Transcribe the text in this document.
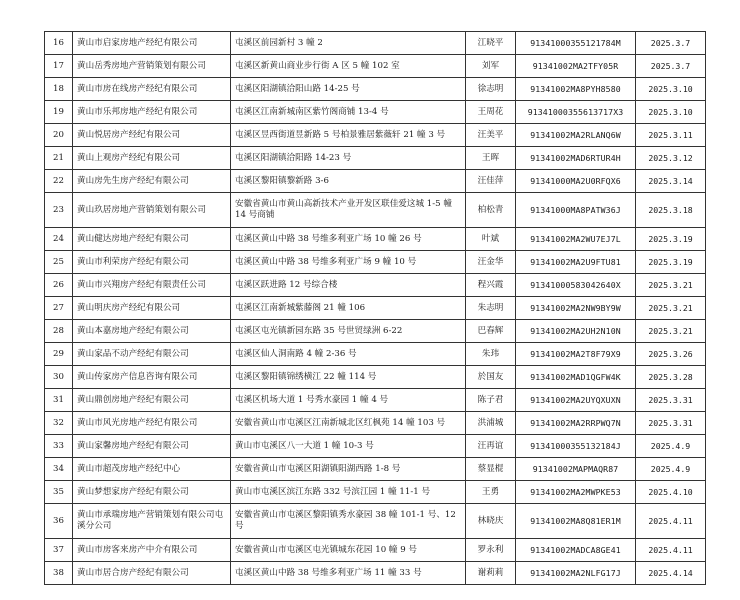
16	黄山市启家房地产经纪有限公司	屯溪区前园新村 3 幢 2	江晓平	91341000355121784M	2025.3.7
17	黄山岳秀房地产营销策划有限公司	屯溪区新黄山商业步行街 A 区 5 幢 102 室	刘军	91341002MA2TFY05R	2025.3.7
18	黄山市房在线房产经纪有限公司	屯溪区阳湖镇洽阳山路 14-25 号	徐志明	91341002MA8PYH8580	2025.3.10
19	黄山市乐邦房地产经纪有限公司	屯溪区江南新城南区紫竹阁商铺 13-4 号	王周花	91341000355613717X3	2025.3.10
20	黄山悦居房产经纪有限公司	屯溪区昱西街道昱新路 5 号柏景雅居紫薇轩 21 幢 3 号	汪美平	91341002MA2RLANQ6W	2025.3.11
21	黄山上观房产经纪有限公司	屯溪区阳湖镇洽阳路 14-23 号	王晖	91341002MAD6RTUR4H	2025.3.12
22	黄山房先生房产经纪有限公司	屯溪区黎阳镇黎新路 3-6	汪佳萍	91341000MA2U0RFQX6	2025.3.14
23	黄山玖居房地产营销策划有限公司	安徽省黄山市黄山高新技术产业开发区联佳爱这城 1-5 幢 14 号商铺	柏松青	91341000MA8PATW36J	2025.3.18
24	黄山健达房地产经纪有限公司	屯溪区黄山中路 38 号维多利亚广场 10 幢 26 号	叶斌	91341002MA2WU7EJ7L	2025.3.19
25	黄山市利荣房产经纪有限公司	屯溪区黄山中路 38 号维多利亚广场 9 幢 10 号	汪金华	91341002MA2U9FTU81	2025.3.19
26	黄山市兴翔房产经纪有限责任公司	屯溪区跃进路 12 号综合楼	程兴霞	91341000583042640X	2025.3.21
27	黄山明庆房产经纪有限公司	屯溪区江南新城紫藤阁 21 幢 106	朱志明	91341002MA2NW9BY9W	2025.3.21
28	黄山本嘉房地产经纪有限公司	屯溪区屯光镇新园东路 35 号世贸绿洲 6-22	巴春辉	91341002MA2UH2N10N	2025.3.21
29	黄山家品不动产经纪有限公司	屯溪区仙人洞南路 4 幢 2-36 号	朱玮	91341002MA2T8F79X9	2025.3.26
30	黄山传家房产信息咨询有限公司	屯溪区黎阳镇锦绣横江 22 幢 114 号	於国友	91341002MAD1QGFW4K	2025.3.28
31	黄山鼎创房地产经纪有限公司	屯溪区机场大道 1 号秀水豪园 1 幢 4 号	陈子君	91341002MA2UYQXUXN	2025.3.31
32	黄山市风光房地产经纪有限公司	安徽省黄山市屯溪区江南新城北区红枫苑 14 幢 103 号	洪浦城	91341002MA2RRPWQ7N	2025.3.31
33	黄山家馨房地产经纪有限公司	黄山市屯溪区八一大道 1 幢 10-3 号	汪再谊	91341000355132184J	2025.4.9
34	黄山市超茂房地产经纪中心	安徽省黄山市屯溪区阳湖镇阳湖西路 1-8 号	蔡显棍	91341002MAPMAQR87	2025.4.9
35	黄山梦想家房产经纪有限公司	黄山市屯溪区滨江东路 332 号滨江园 1 幢 11-1 号	王勇	91341002MA2MWPKE53	2025.4.10
36	黄山市承瑞房地产营销策划有限公司屯溪分公司	安徽省黄山市屯溪区黎阳镇秀水豪园 38 幢 101-1 号、12 号	林晓庆	91341002MA8Q81ER1M	2025.4.11
37	黄山市房客来房产中介有限公司	安徽省黄山市屯溪区屯光镇城东花园 10 幢 9 号	罗永利	91341002MADCA8GE41	2025.4.11
38	黄山市居合房产经纪有限公司	屯溪区黄山中路 38 号维多利亚广场 11 幢 33 号	谢莉莉	91341002MA2NLFG17J	2025.4.14
